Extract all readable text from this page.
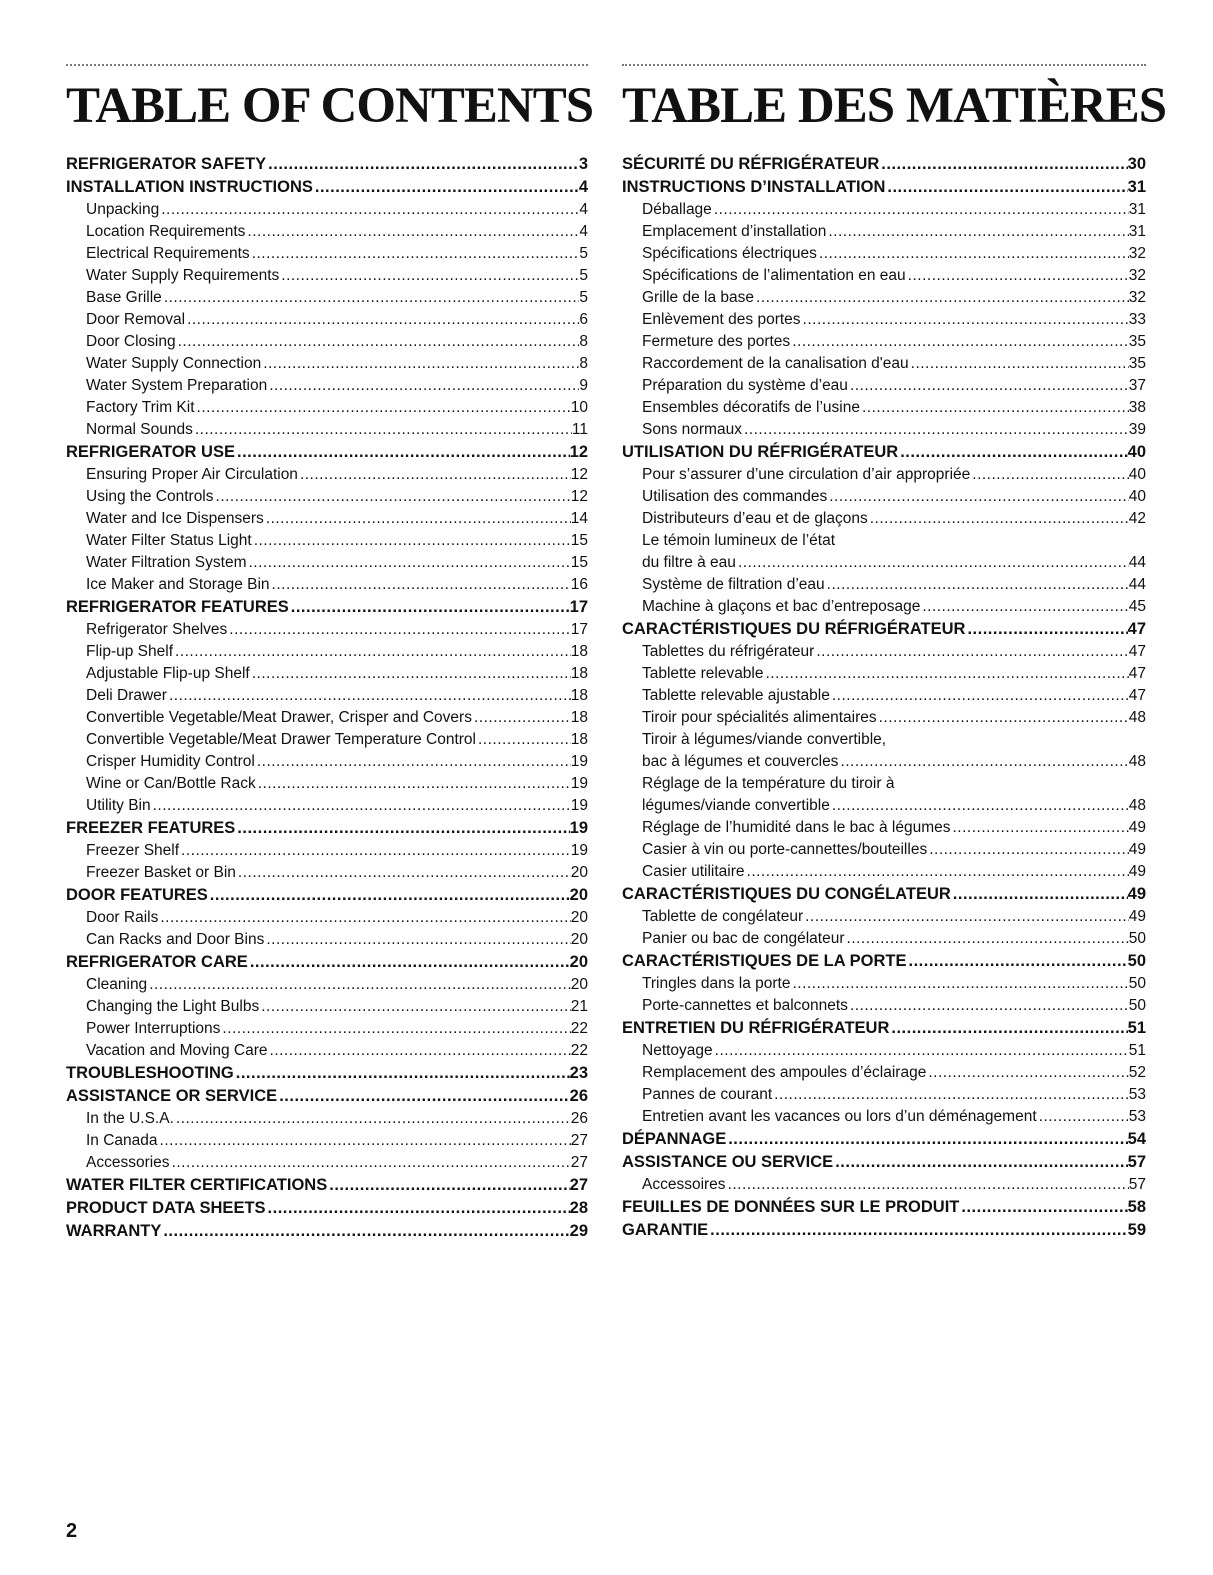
TABLE OF CONTENTS
REFRIGERATOR SAFETY .....	3
INSTALLATION INSTRUCTIONS .....	4
Unpacking .....	4
Location Requirements .....	4
Electrical Requirements .....	5
Water Supply Requirements .....	5
Base Grille .....	5
Door Removal .....	6
Door Closing .....	8
Water Supply Connection .....	8
Water System Preparation .....	9
Factory Trim Kit .....	10
Normal Sounds .....	11
REFRIGERATOR USE .....	12
Ensuring Proper Air Circulation .....	12
Using the Controls .....	12
Water and Ice Dispensers .....	14
Water Filter Status Light .....	15
Water Filtration System .....	15
Ice Maker and Storage Bin .....	16
REFRIGERATOR FEATURES .....	17
Refrigerator Shelves .....	17
Flip-up Shelf .....	18
Adjustable Flip-up Shelf .....	18
Deli Drawer .....	18
Convertible Vegetable/Meat Drawer, Crisper and Covers .....	18
Convertible Vegetable/Meat Drawer Temperature Control .....	18
Crisper Humidity Control .....	19
Wine or Can/Bottle Rack .....	19
Utility Bin .....	19
FREEZER FEATURES .....	19
Freezer Shelf .....	19
Freezer Basket or Bin .....	20
DOOR FEATURES .....	20
Door Rails .....	20
Can Racks and Door Bins .....	20
REFRIGERATOR CARE .....	20
Cleaning .....	20
Changing the Light Bulbs .....	21
Power Interruptions .....	22
Vacation and Moving Care .....	22
TROUBLESHOOTING .....	23
ASSISTANCE OR SERVICE .....	26
In the U.S.A. .....	26
In Canada .....	27
Accessories .....	27
WATER FILTER CERTIFICATIONS .....	27
PRODUCT DATA SHEETS .....	28
WARRANTY .....	29
TABLE DES MATIÈRES
SÉCURITÉ DU RÉFRIGÉRATEUR .....	30
INSTRUCTIONS D’INSTALLATION .....	31
Déballage .....	31
Emplacement d’installation .....	31
Spécifications électriques .....	32
Spécifications de l’alimentation en eau .....	32
Grille de la base .....	32
Enlèvement des portes .....	33
Fermeture des portes .....	35
Raccordement de la canalisation d'eau .....	35
Préparation du système d’eau .....	37
Ensembles décoratifs de l’usine .....	38
Sons normaux .....	39
UTILISATION DU RÉFRIGÉRATEUR .....	40
Pour s’assurer d’une circulation d’air appropriée .....	40
Utilisation des commandes .....	40
Distributeurs d’eau et de glaçons .....	42
Le témoin lumineux de l’état
du filtre à eau .....	44
Système de filtration d’eau .....	44
Machine à glaçons et bac d’entreposage .....	45
CARACTÉRISTIQUES DU RÉFRIGÉRATEUR .....	47
Tablettes du réfrigérateur .....	47
Tablette relevable .....	47
Tablette relevable ajustable .....	47
Tiroir pour spécialités alimentaires .....	48
Tiroir à légumes/viande convertible,
bac à légumes et couvercles .....	48
Réglage de la température du tiroir à
légumes/viande convertible .....	48
Réglage de l’humidité dans le bac à légumes .....	49
Casier à vin ou porte-cannettes/bouteilles .....	49
Casier utilitaire .....	49
CARACTÉRISTIQUES DU CONGÉLATEUR .....	49
Tablette de congélateur .....	49
Panier ou bac de congélateur .....	50
CARACTÉRISTIQUES DE LA PORTE .....	50
Tringles dans la porte .....	50
Porte-cannettes et balconnets .....	50
ENTRETIEN DU RÉFRIGÉRATEUR .....	51
Nettoyage .....	51
Remplacement des ampoules d’éclairage .....	52
Pannes de courant .....	53
Entretien avant les vacances ou lors d’un déménagement .....	53
DÉPANNAGE .....	54
ASSISTANCE OU SERVICE .....	57
Accessoires .....	57
FEUILLES DE DONNÉES SUR LE PRODUIT .....	58
GARANTIE .....	59
2
